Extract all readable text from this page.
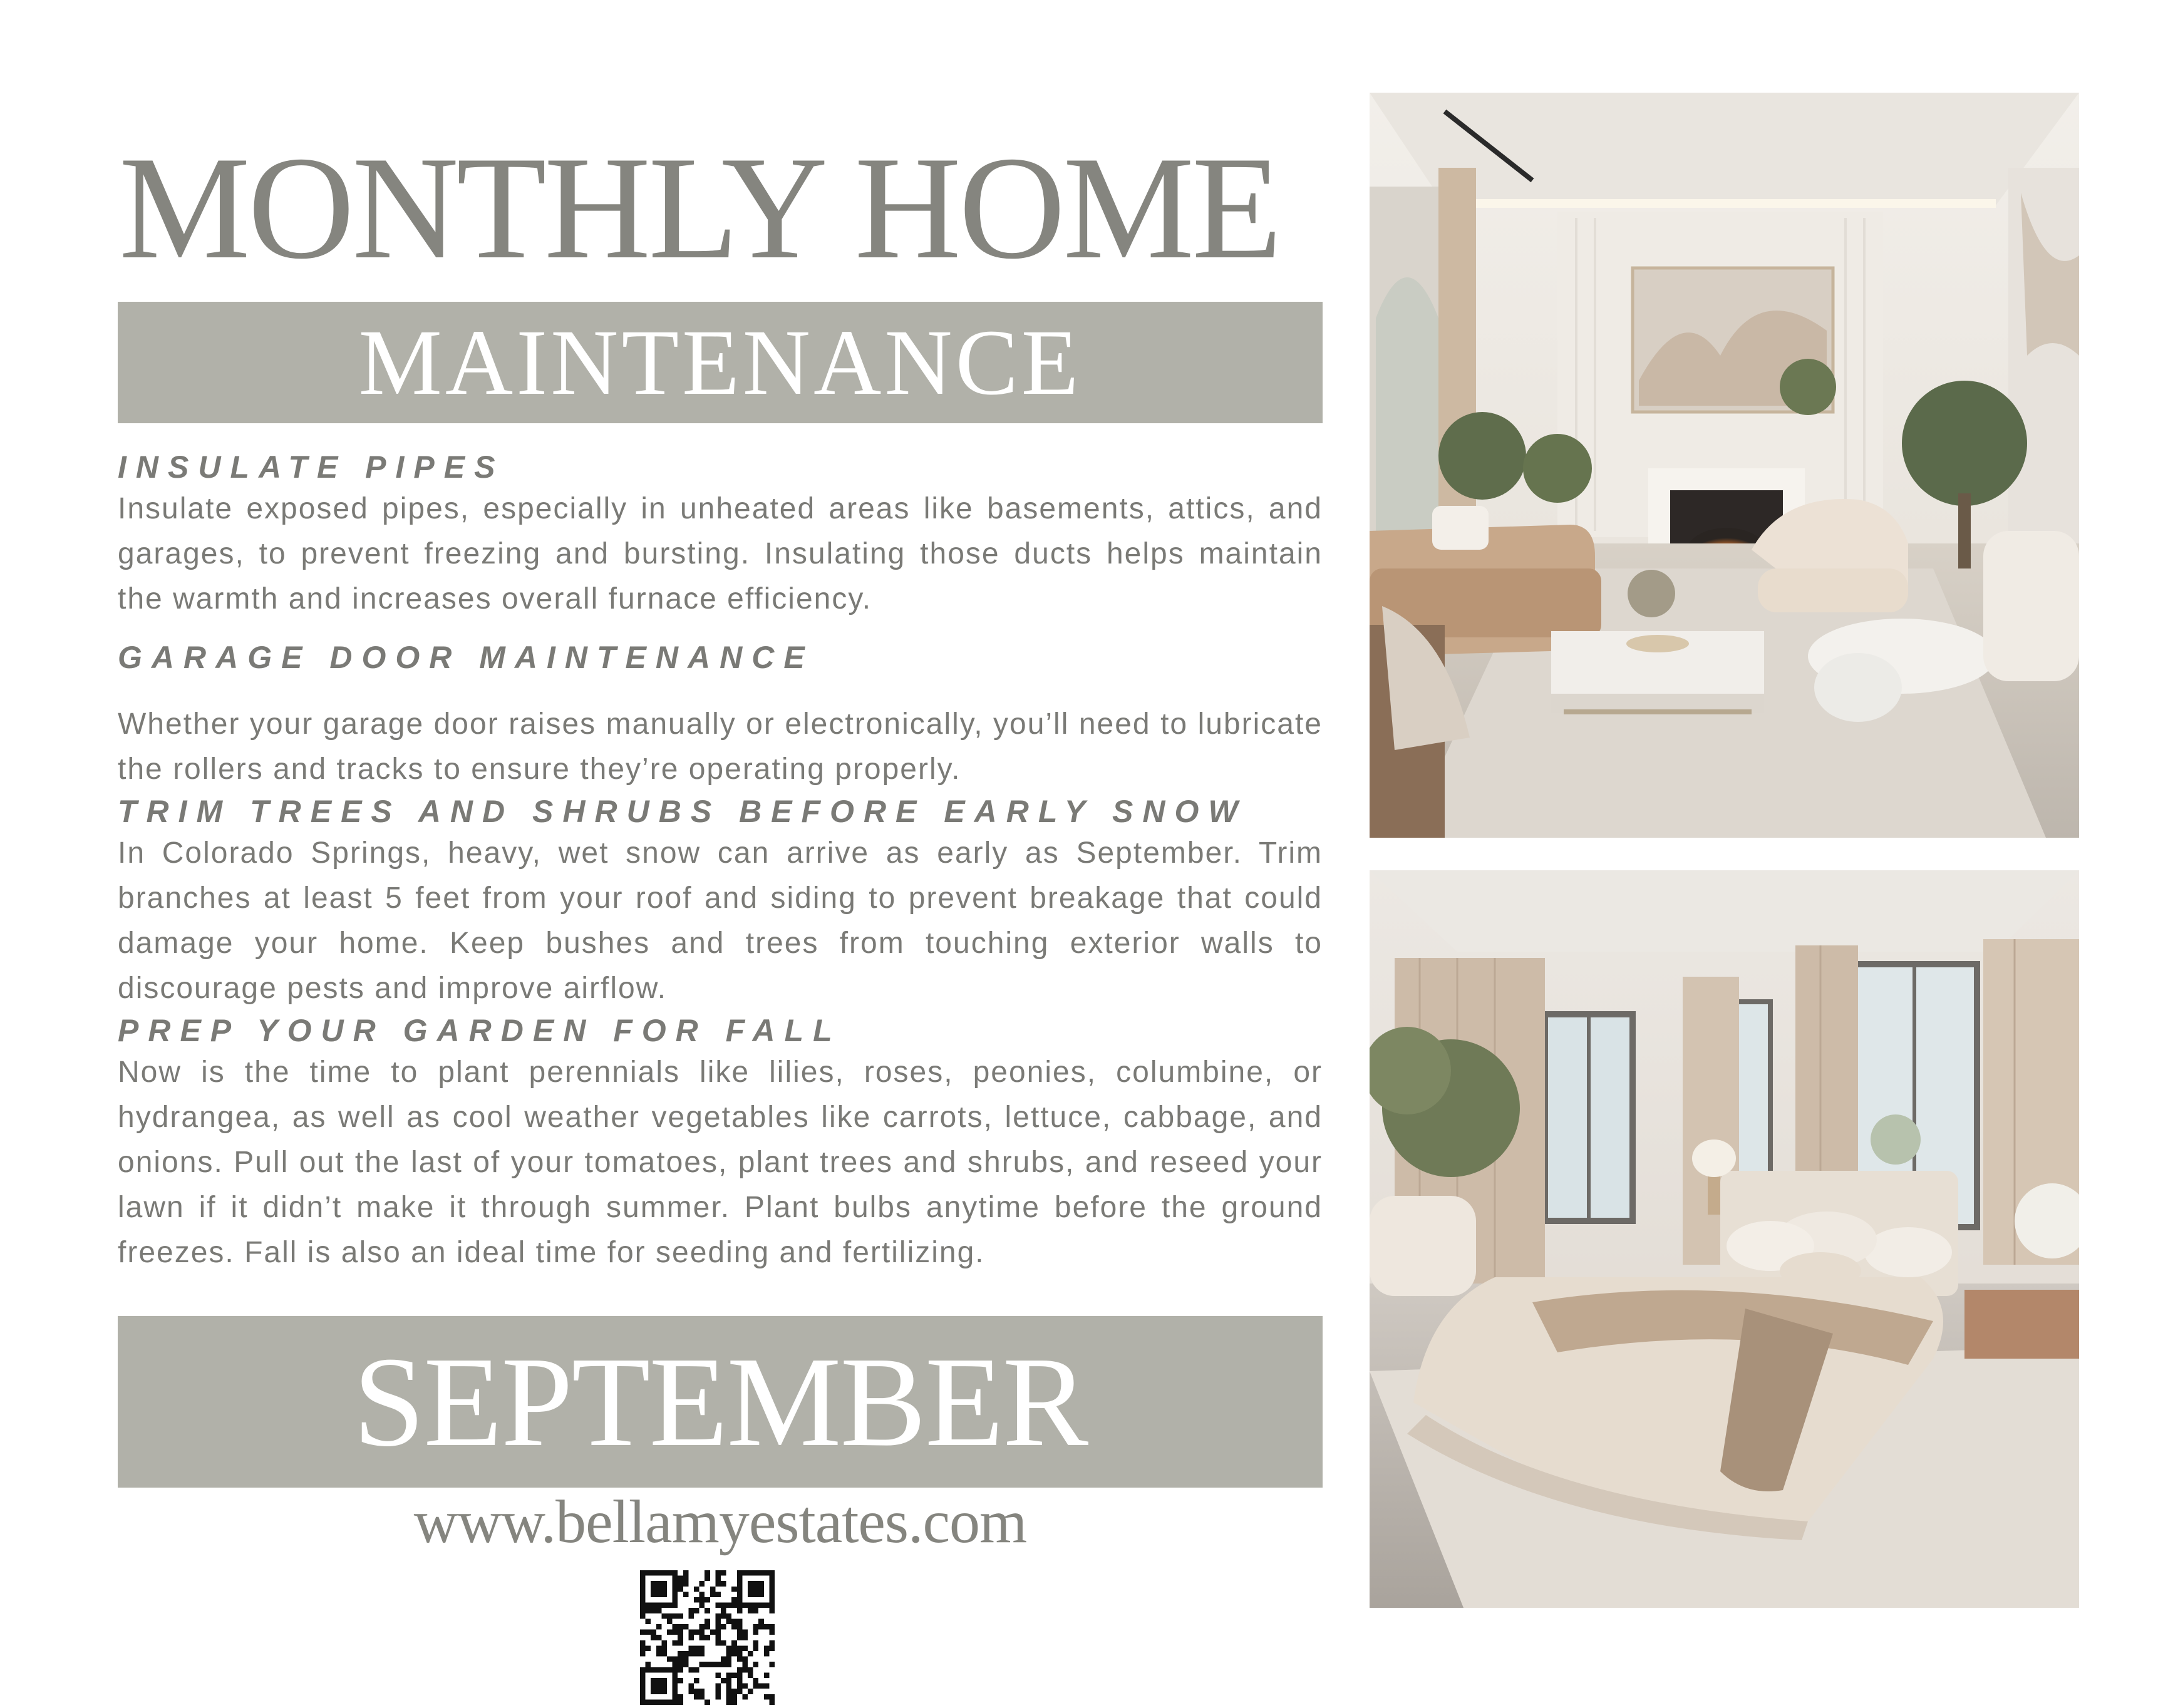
MONTHLY HOME
MAINTENANCE
INSULATE PIPES
Insulate exposed pipes, especially in unheated areas like basements, attics, and garages, to prevent freezing and bursting. Insulating those ducts helps maintain the warmth and increases overall furnace efficiency.
GARAGE DOOR MAINTENANCE
Whether your garage door raises manually or electronically, you’ll need to lubricate the rollers and tracks to ensure they’re operating properly.
TRIM TREES AND SHRUBS BEFORE EARLY SNOW
In Colorado Springs, heavy, wet snow can arrive as early as September. Trim branches at least 5 feet from your roof and siding to prevent breakage that could damage your home. Keep bushes and trees from touching exterior walls to discourage pests and improve airflow.
PREP YOUR GARDEN FOR FALL
Now is the time to plant perennials like lilies, roses, peonies, columbine, or hydrangea, as well as cool weather vegetables like carrots, lettuce, cabbage, and onions. Pull out the last of your tomatoes, plant trees and shrubs, and reseed your lawn if it didn’t make it through summer. Plant bulbs anytime before the ground freezes. Fall is also an ideal time for seeding and fertilizing.
SEPTEMBER
www.bellamyestates.com
